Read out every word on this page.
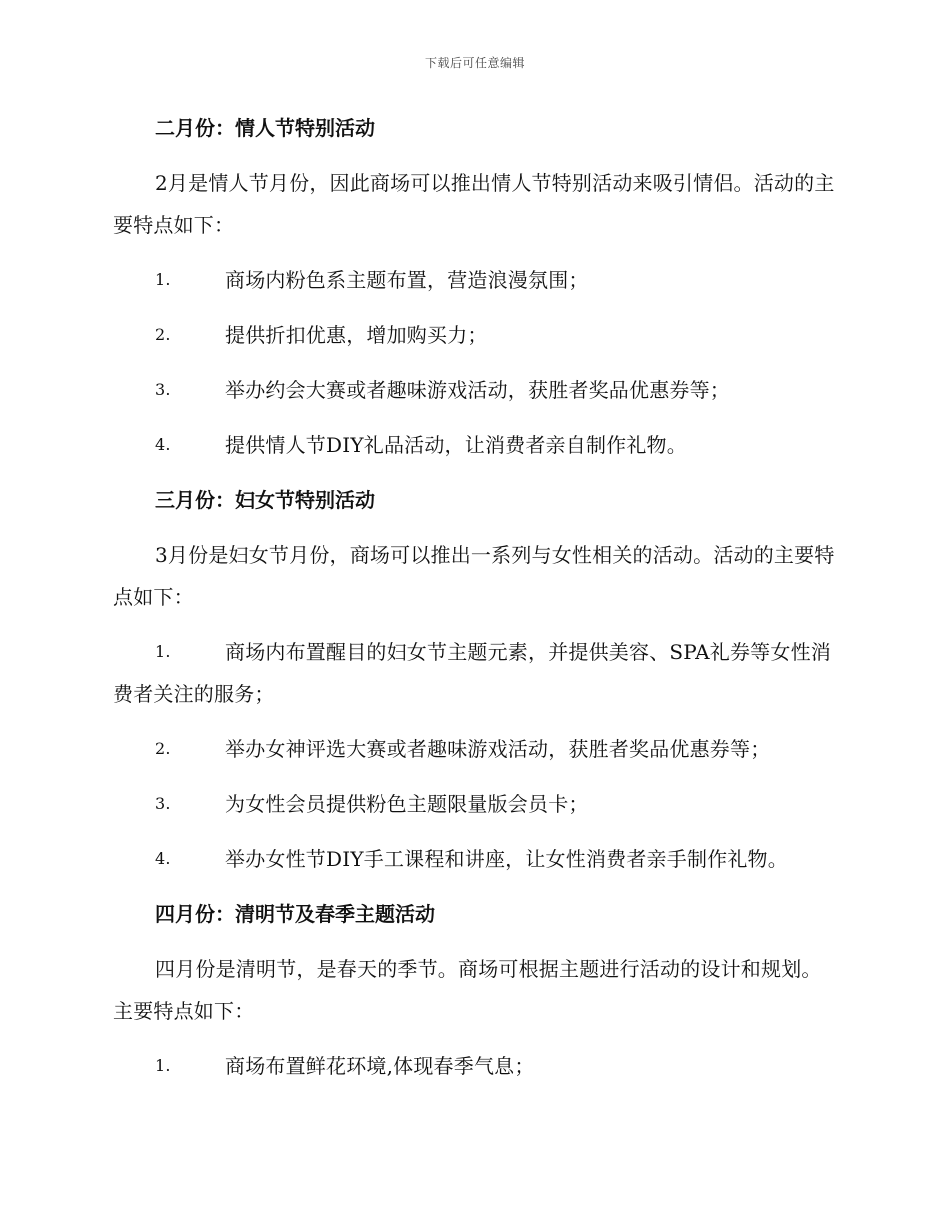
下载后可任意编辑
二月份：情人节特别活动

2月是情人节月份，因此商场可以推出情人节特别活动来吸引情侣。活动的主要特点如下：

1.	商场内粉色系主题布置，营造浪漫氛围；
2.	提供折扣优惠，增加购买力；
3.	举办约会大赛或者趣味游戏活动，获胜者奖品优惠券等；
4.	提供情人节DIY礼品活动，让消费者亲自制作礼物。
三月份：妇女节特别活动

3月份是妇女节月份，商场可以推出一系列与女性相关的活动。活动的主要特点如下：

1.	商场内布置醒目的妇女节主题元素，并提供美容、SPA礼券等女性消费者关注的服务；
2.	举办女神评选大赛或者趣味游戏活动，获胜者奖品优惠券等；
3.	为女性会员提供粉色主题限量版会员卡；
4.	举办女性节DIY手工课程和讲座，让女性消费者亲手制作礼物。
四月份：清明节及春季主题活动

四月份是清明节，是春天的季节。商场可根据主题进行活动的设计和规划。主要特点如下：

1.	商场布置鲜花环境,体现春季气息；
